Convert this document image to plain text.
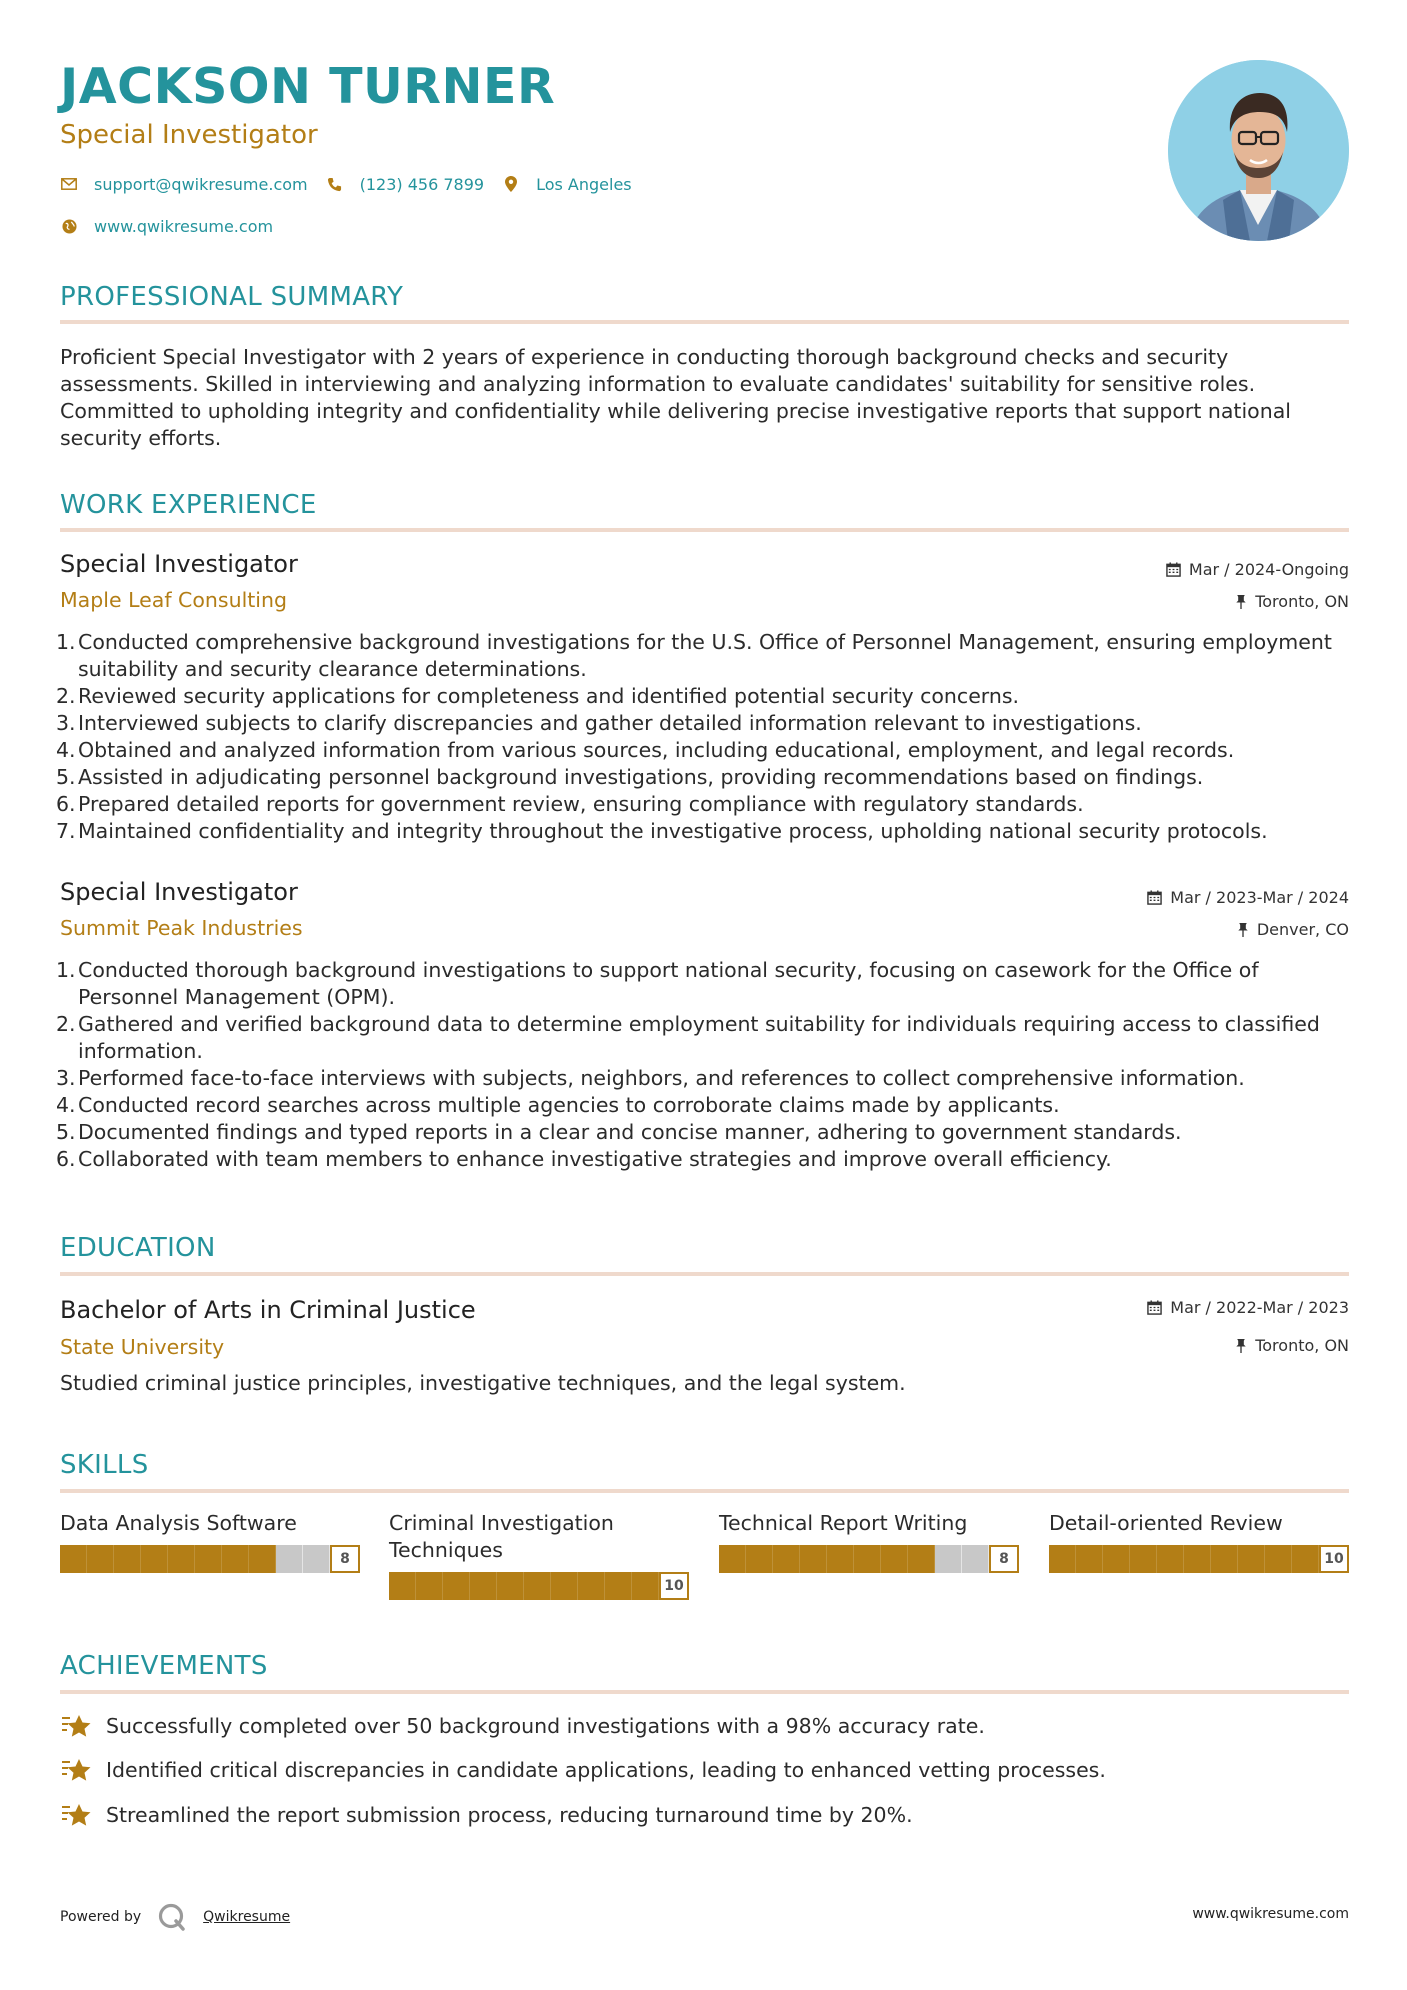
JACKSON TURNER
Special Investigator
support@qwikresume.com	(123) 456 7899	Los Angeles
www.qwikresume.com
PROFESSIONAL SUMMARY
Proficient Special Investigator with 2 years of experience in conducting thorough background checks and security assessments. Skilled in interviewing and analyzing information to evaluate candidates' suitability for sensitive roles. Committed to upholding integrity and confidentiality while delivering precise investigative reports that support national security efforts.
WORK EXPERIENCE
Special Investigator
Maple Leaf Consulting
Mar / 2024-Ongoing
Toronto, ON
1. Conducted comprehensive background investigations for the U.S. Office of Personnel Management, ensuring employment suitability and security clearance determinations.
2. Reviewed security applications for completeness and identified potential security concerns.
3. Interviewed subjects to clarify discrepancies and gather detailed information relevant to investigations.
4. Obtained and analyzed information from various sources, including educational, employment, and legal records.
5. Assisted in adjudicating personnel background investigations, providing recommendations based on findings.
6. Prepared detailed reports for government review, ensuring compliance with regulatory standards.
7. Maintained confidentiality and integrity throughout the investigative process, upholding national security protocols.
Special Investigator
Summit Peak Industries
Mar / 2023-Mar / 2024
Denver, CO
1. Conducted thorough background investigations to support national security, focusing on casework for the Office of Personnel Management (OPM).
2. Gathered and verified background data to determine employment suitability for individuals requiring access to classified information.
3. Performed face-to-face interviews with subjects, neighbors, and references to collect comprehensive information.
4. Conducted record searches across multiple agencies to corroborate claims made by applicants.
5. Documented findings and typed reports in a clear and concise manner, adhering to government standards.
6. Collaborated with team members to enhance investigative strategies and improve overall efficiency.
EDUCATION
Bachelor of Arts in Criminal Justice
State University
Mar / 2022-Mar / 2023
Toronto, ON
Studied criminal justice principles, investigative techniques, and the legal system.
SKILLS
Data Analysis Software
8
Criminal Investigation Techniques
10
Technical Report Writing
8
Detail-oriented Review
10
ACHIEVEMENTS
Successfully completed over 50 background investigations with a 98% accuracy rate.
Identified critical discrepancies in candidate applications, leading to enhanced vetting processes.
Streamlined the report submission process, reducing turnaround time by 20%.
Powered by	Qwikresume	www.qwikresume.com
